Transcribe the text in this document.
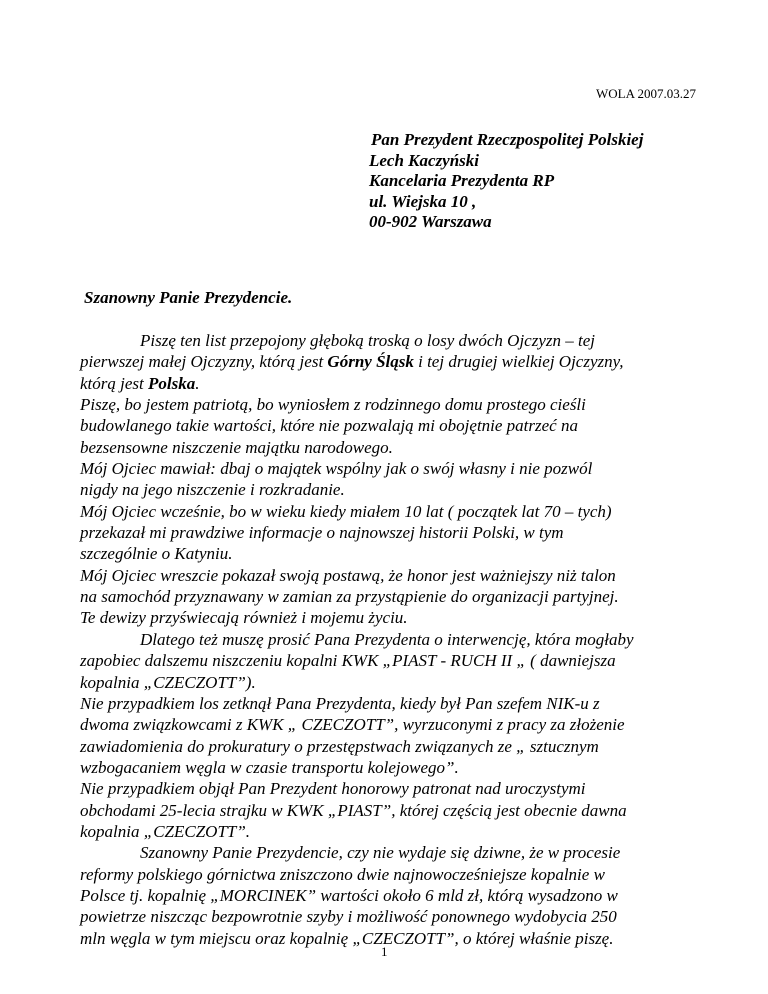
WOLA 2007.03.27
Pan Prezydent Rzeczpospolitej Polskiej
Lech Kaczyński
Kancelaria Prezydenta RP
ul. Wiejska 10 ,
00-902 Warszawa
Szanowny Panie Prezydencie.
Piszę ten list przepojony głęboką troską o losy dwóch Ojczyzn – tej
pierwszej małej Ojczyzny, którą jest Górny Śląsk i tej drugiej wielkiej Ojczyzny,
którą jest Polska.
Piszę, bo jestem patriotą, bo wyniosłem z rodzinnego domu prostego cieśli
budowlanego takie wartości, które nie pozwalają mi obojętnie patrzeć na
bezsensowne niszczenie majątku narodowego.
Mój Ojciec mawiał: dbaj o majątek wspólny jak o swój własny i nie pozwól
nigdy na jego niszczenie i rozkradanie.
Mój Ojciec wcześnie, bo w wieku kiedy miałem 10 lat ( początek lat 70 – tych)
przekazał mi prawdziwe informacje o najnowszej historii Polski, w tym
szczególnie o Katyniu.
Mój Ojciec wreszcie pokazał swoją postawą, że honor jest ważniejszy niż talon
na samochód przyznawany w zamian za przystąpienie do organizacji partyjnej.
Te dewizy przyświecają również i mojemu życiu.
Dlatego też muszę prosić Pana Prezydenta o interwencję, która mogłaby
zapobiec dalszemu niszczeniu kopalni KWK „PIAST - RUCH II „ ( dawniejsza
kopalnia „CZECZOTT”).
Nie przypadkiem los zetknął Pana Prezydenta, kiedy był Pan szefem NIK-u z
dwoma związkowcami z KWK „ CZECZOTT”, wyrzuconymi z pracy za złożenie
zawiadomienia do prokuratury o przestępstwach związanych ze „ sztucznym
wzbogacaniem węgla w czasie transportu kolejowego”.
Nie przypadkiem objął Pan Prezydent honorowy patronat nad uroczystymi
obchodami 25-lecia strajku w KWK „PIAST”, której częścią jest obecnie dawna
kopalnia „CZECZOTT”.
Szanowny Panie Prezydencie, czy nie wydaje się dziwne, że w procesie
reformy polskiego górnictwa zniszczono dwie najnowocześniejsze kopalnie w
Polsce tj. kopalnię „MORCINEK” wartości około 6 mld zł, którą wysadzono w
powietrze niszcząc bezpowrotnie szyby i możliwość ponownego wydobycia 250
mln węgla w tym miejscu oraz kopalnię „CZECZOTT”, o której właśnie piszę.
1
